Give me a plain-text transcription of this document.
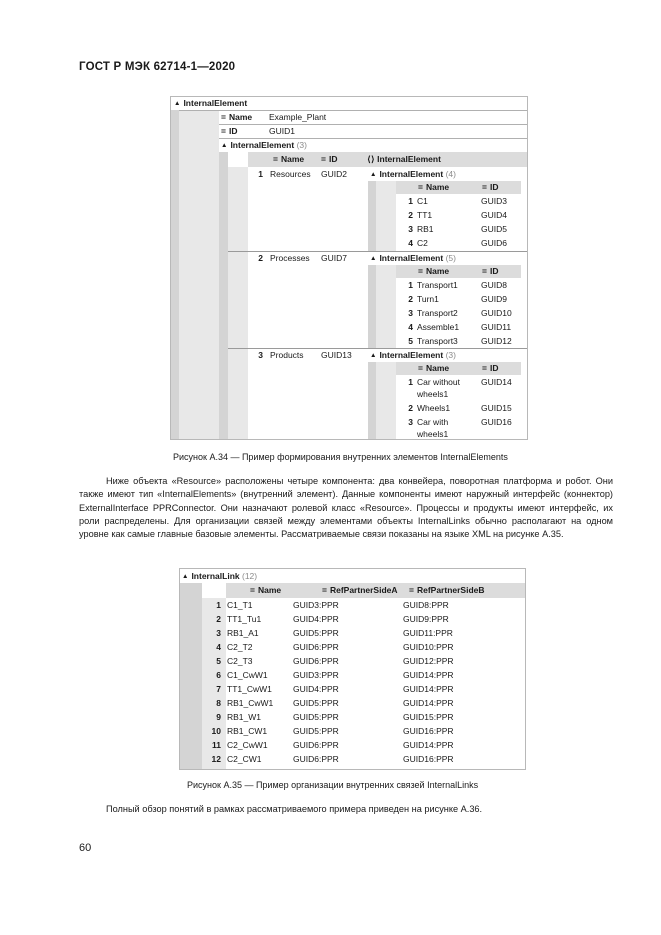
ГОСТ Р МЭК 62714-1—2020
▲ InternalElement
= Name Example_Plant
= ID	GUID1
▲ InternalElement (3)
= Name = ID	⟨⟩ InternalElement
1 Resources GUID2	▲ InternalElement (4)
= Name	= ID
1 C1	GUID3
2 TT1	GUID4
3 RB1	GUID5
4 C2	GUID6
2 Processes GUID7	▲ InternalElement (5)
= Name	= ID
1 Transport1	GUID8
2 Turn1	GUID9
3 Transport2	GUID10
4 Assemble1	GUID11
5 Transport3	GUID12
3 Products GUID13	▲ InternalElement (3)
= Name	= ID
1 Car without
wheels1
GUID14
2 Wheels1	GUID15
3 Car with
wheels1
GUID16
Рисунок A.34 — Пример формирования внутренних элементов InternalElements
Ниже объекта «Resource» расположены четыре компонента: два конвейера, поворотная платформа и робот. Они также имеют тип «InternalElements» (внутренний элемент). Данные компоненты имеют наружный интерфейс (коннектор) ExternalInterface PPRConnector. Они назначают ролевой класс «Resource». Процессы и продукты имеют интерфейс, их роли распределены. Для организации связей между элементами объекты InternalLinks обычно располагают на одном уровне как самые главные базовые элементы. Рассматриваемые связи показаны на языке XML на рисунке A.35.
▲ InternalLink (12)
= Name	= RefPartnerSideA = RefPartnerSideB
1 C1_T1	GUID3:PPR	GUID8:PPR
2 TT1_Tu1	GUID4:PPR	GUID9:PPR
3 RB1_A1	GUID5:PPR	GUID11:PPR
4 C2_T2	GUID6:PPR	GUID10:PPR
5 C2_T3	GUID6:PPR	GUID12:PPR
6 C1_CwW1	GUID3:PPR	GUID14:PPR
7 TT1_CwW1 GUID4:PPR	GUID14:PPR
8 RB1_CwW1 GUID5:PPR	GUID14:PPR
9 RB1_W1	GUID5:PPR	GUID15:PPR
10 RB1_CW1	GUID5:PPR	GUID16:PPR
11 C2_CwW1	GUID6:PPR	GUID14:PPR
12 C2_CW1	GUID6:PPR	GUID16:PPR
Рисунок A.35 — Пример организации внутренних связей InternalLinks
Полный обзор понятий в рамках рассматриваемого примера приведен на рисунке A.36.
60
